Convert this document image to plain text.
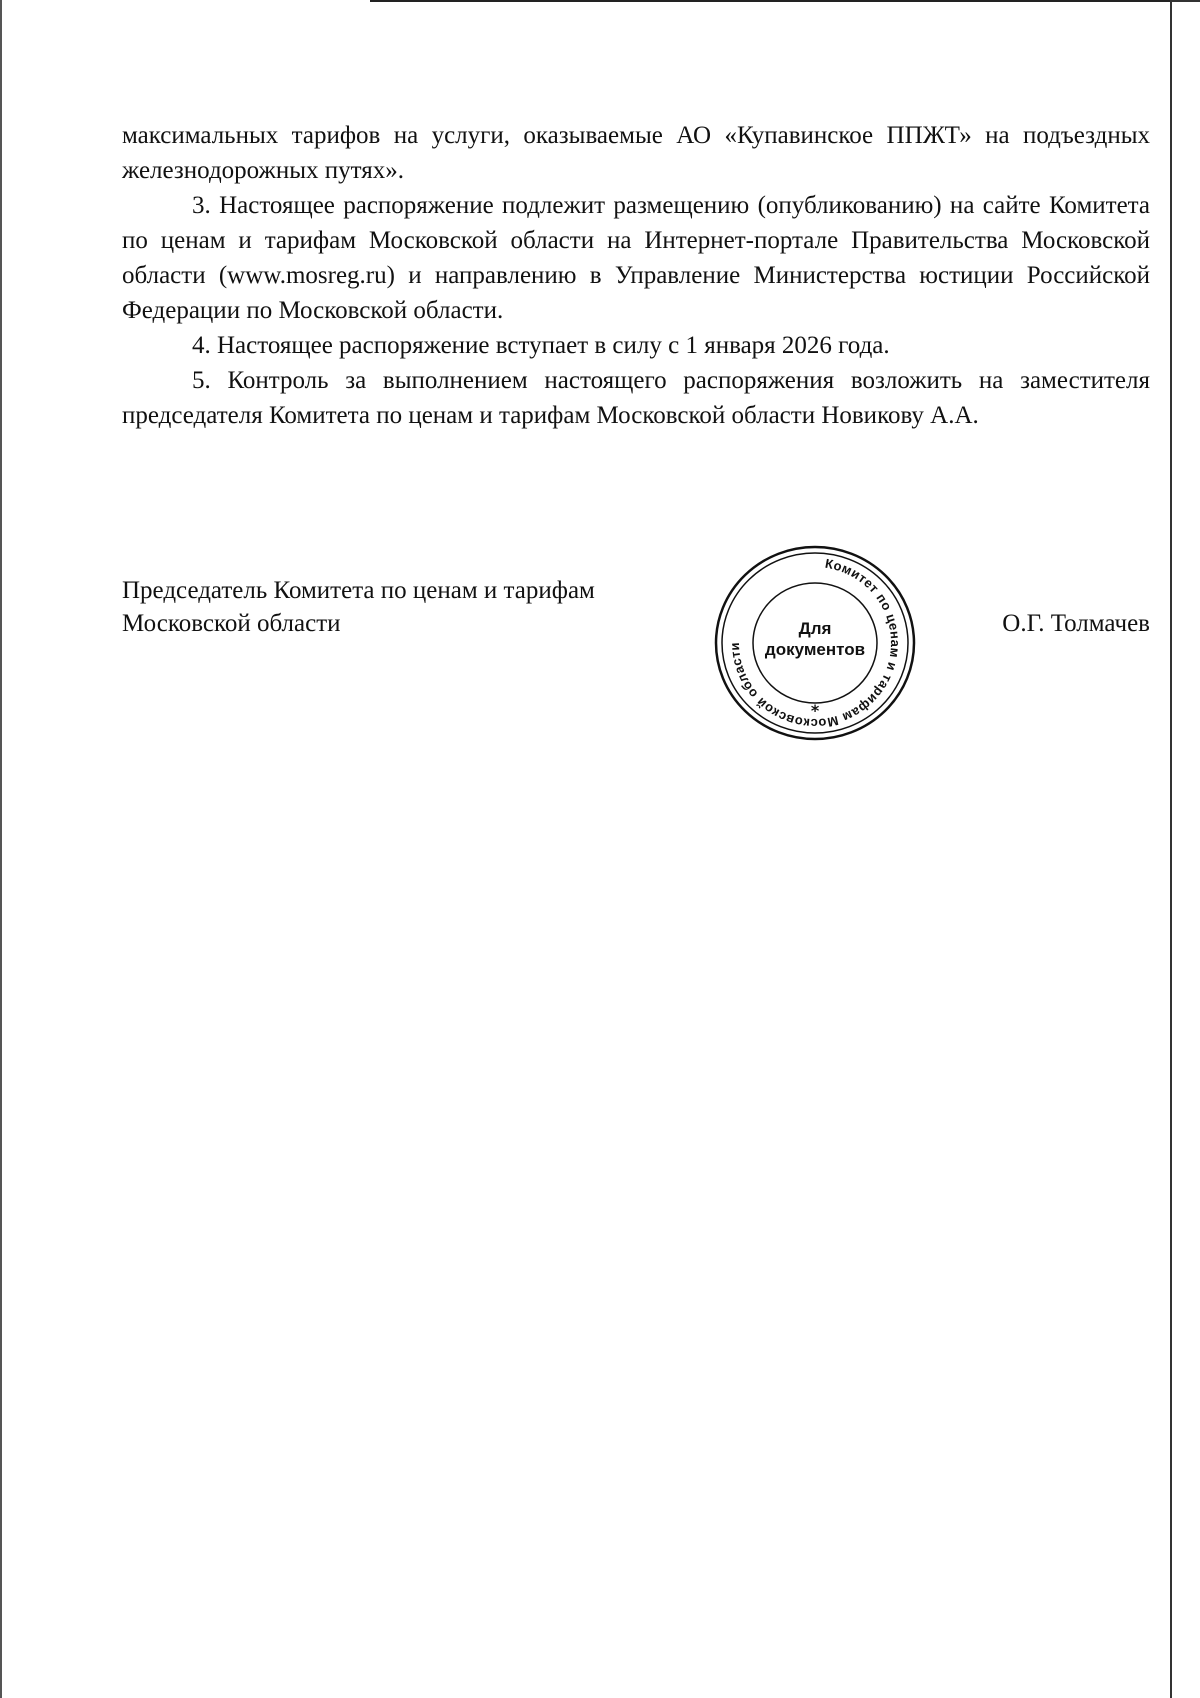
максимальных тарифов на услуги, оказываемые АО «Купавинское ППЖТ» на подъездных железнодорожных путях».

3. Настоящее распоряжение подлежит размещению (опубликованию) на сайте Комитета по ценам и тарифам Московской области на Интернет-портале Правительства Московской области (www.mosreg.ru) и направлению в Управление Министерства юстиции Российской Федерации по Московской области.

4. Настоящее распоряжение вступает в силу с 1 января 2026 года.

5. Контроль за выполнением настоящего распоряжения возложить на заместителя председателя Комитета по ценам и тарифам Московской области Новикову А.А.

Председатель Комитета по ценам и тарифам
Московской области	О.Г. Толмачев
Комитет по ценам и тарифам Московской области
*
Для
документов
